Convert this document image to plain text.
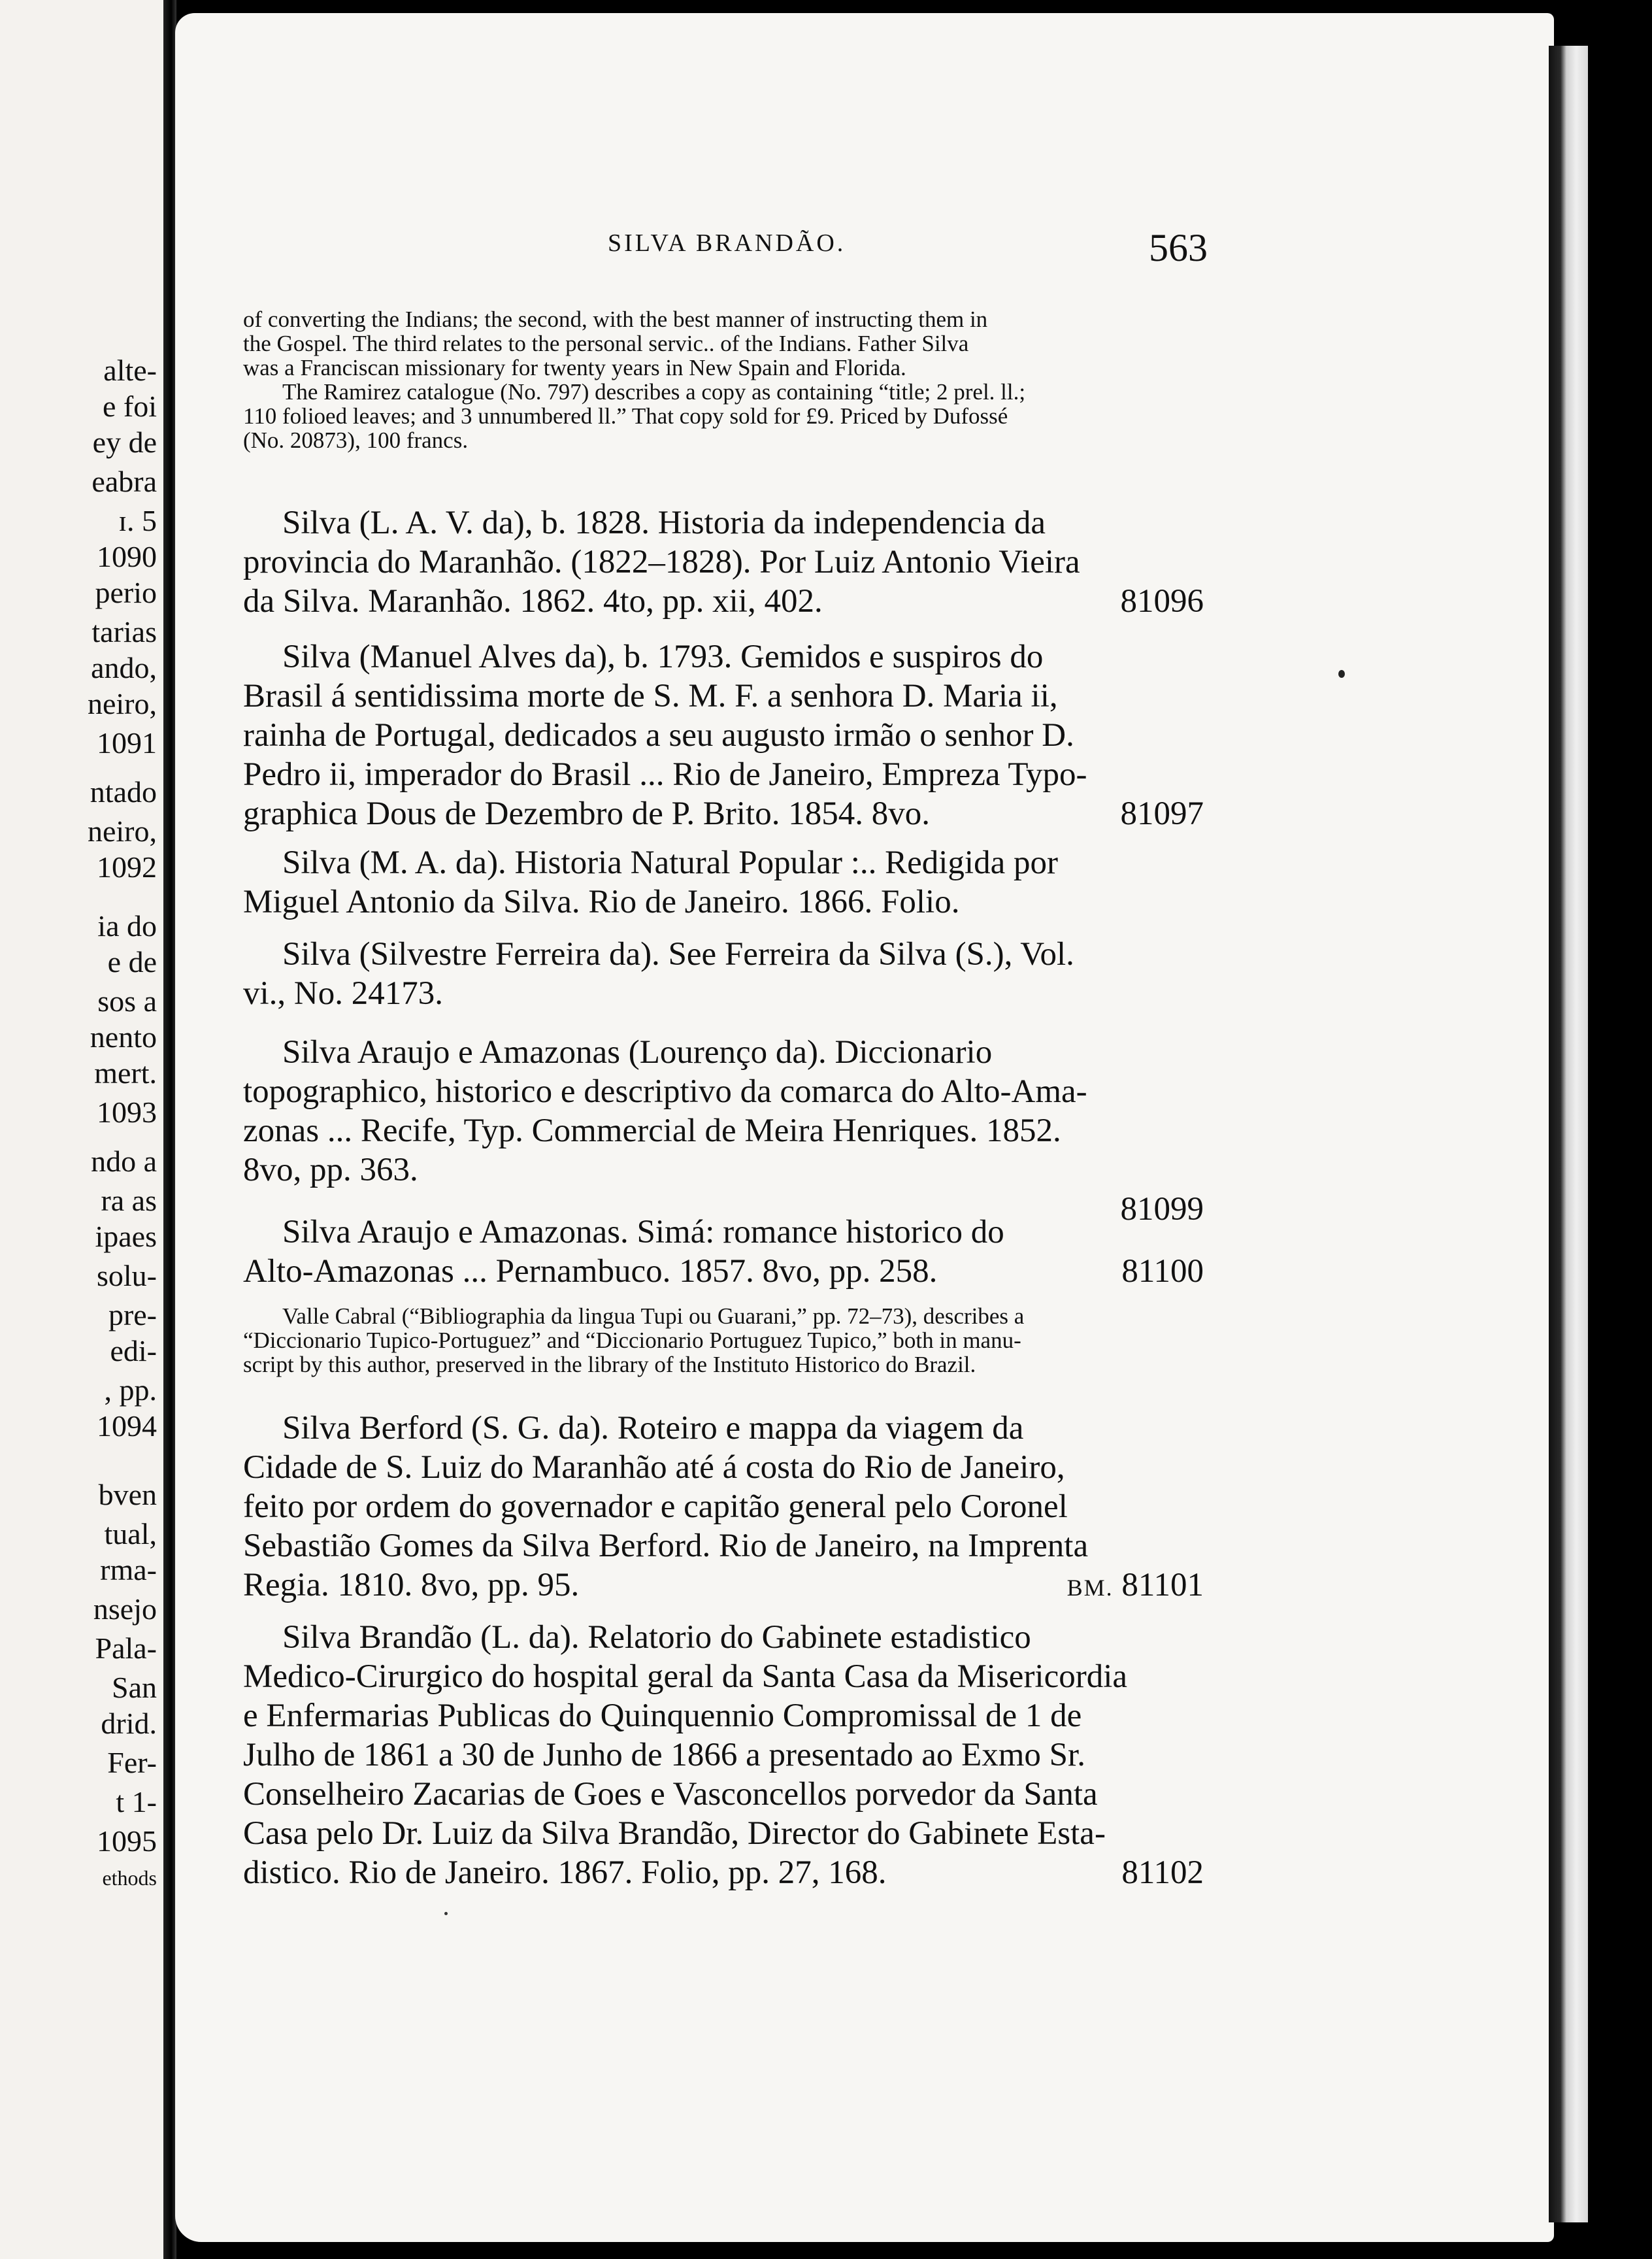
alte-
e foi
ey de
eabra
ɪ. 5
1090
perio
tarias
ando,
neiro,
1091
ntado
neiro,
1092
ia do
e de
sos a
nento
mert.
1093
ndo a
ra as
ipaes
solu-
pre-
edi-
, pp.
1094
bven
tual,
rma-
nsejo
Pala-
San
drid.
Fer-
t 1-
1095
ethods
SILVA BRANDÃO.	563
of converting the Indians; the second, with the best manner of instructing them in
the Gospel. The third relates to the personal servic.. of the Indians. Father Silva
was a Franciscan missionary for twenty years in New Spain and Florida.
The Ramirez catalogue (No. 797) describes a copy as containing “title; 2 prel. ll.;
110 folioed leaves; and 3 unnumbered ll.” That copy sold for £9. Priced by Dufossé
(No. 20873), 100 francs.
Silva (L. A. V. da), b. 1828. Historia da independencia da
provincia do Maranhão. (1822–1828). Por Luiz Antonio Vieira
da Silva. Maranhão. 1862. 4to, pp. xii, 402.	81096
Silva (Manuel Alves da), b. 1793. Gemidos e suspiros do
Brasil á sentidissima morte de S. M. F. a senhora D. Maria ii,
rainha de Portugal, dedicados a seu augusto irmão o senhor D.
Pedro ii, imperador do Brasil ... Rio de Janeiro, Empreza Typo-
graphica Dous de Dezembro de P. Brito. 1854. 8vo.	81097
Silva (M. A. da). Historia Natural Popular :.. Redigida por
Miguel Antonio da Silva. Rio de Janeiro. 1866. Folio.
Silva (Silvestre Ferreira da). See Ferreira da Silva (S.), Vol.
vi., No. 24173.
Silva Araujo e Amazonas (Lourenço da). Diccionario
topographico, historico e descriptivo da comarca do Alto-Ama-
zonas ... Recife, Typ. Commercial de Meira Henriques. 1852.
8vo, pp. 363.
81099
Silva Araujo e Amazonas. Simá: romance historico do
Alto-Amazonas ... Pernambuco. 1857. 8vo, pp. 258.	81100
Valle Cabral (“Bibliographia da lingua Tupi ou Guarani,” pp. 72–73), describes a
“Diccionario Tupico-Portuguez” and “Diccionario Portuguez Tupico,” both in manu-
script by this author, preserved in the library of the Instituto Historico do Brazil.
Silva Berford (S. G. da). Roteiro e mappa da viagem da
Cidade de S. Luiz do Maranhão até á costa do Rio de Janeiro,
feito por ordem do governador e capitão general pelo Coronel
Sebastião Gomes da Silva Berford. Rio de Janeiro, na Imprenta
Regia. 1810. 8vo, pp. 95.	BM. 81101
Silva Brandão (L. da). Relatorio do Gabinete estadistico
Medico-Cirurgico do hospital geral da Santa Casa da Misericordia
e Enfermarias Publicas do Quinquennio Compromissal de 1 de
Julho de 1861 a 30 de Junho de 1866 a presentado ao Exmo Sr.
Conselheiro Zacarias de Goes e Vasconcellos porvedor da Santa
Casa pelo Dr. Luiz da Silva Brandão, Director do Gabinete Esta-
distico. Rio de Janeiro. 1867. Folio, pp. 27, 168.	81102
